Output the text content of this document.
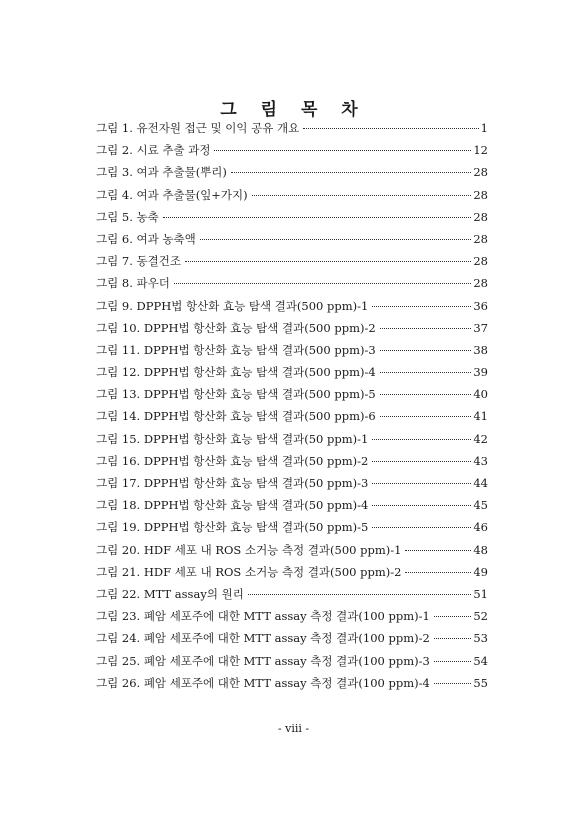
그 림 목 차
그림 1. 유전자원 접근 및 이익 공유 개요	1
그림 2. 시료 추출 과정	12
그림 3. 여과 추출물(뿌리)	28
그림 4. 여과 추출물(잎+가지)	28
그림 5. 농축	28
그림 6. 여과 농축액	28
그림 7. 동결건조	28
그림 8. 파우더	28
그림 9. DPPH법 항산화 효능 탐색 결과(500 ppm)-1	36
그림 10. DPPH법 항산화 효능 탐색 결과(500 ppm)-2	37
그림 11. DPPH법 항산화 효능 탐색 결과(500 ppm)-3	38
그림 12. DPPH법 항산화 효능 탐색 결과(500 ppm)-4	39
그림 13. DPPH법 항산화 효능 탐색 결과(500 ppm)-5	40
그림 14. DPPH법 항산화 효능 탐색 결과(500 ppm)-6	41
그림 15. DPPH법 항산화 효능 탐색 결과(50 ppm)-1	42
그림 16. DPPH법 항산화 효능 탐색 결과(50 ppm)-2	43
그림 17. DPPH법 항산화 효능 탐색 결과(50 ppm)-3	44
그림 18. DPPH법 항산화 효능 탐색 결과(50 ppm)-4	45
그림 19. DPPH법 항산화 효능 탐색 결과(50 ppm)-5	46
그림 20. HDF 세포 내 ROS 소거능 측정 결과(500 ppm)-1	48
그림 21. HDF 세포 내 ROS 소거능 측정 결과(500 ppm)-2	49
그림 22. MTT assay의 원리	51
그림 23. 폐암 세포주에 대한 MTT assay 측정 결과(100 ppm)-1	52
그림 24. 폐암 세포주에 대한 MTT assay 측정 결과(100 ppm)-2	53
그림 25. 폐암 세포주에 대한 MTT assay 측정 결과(100 ppm)-3	54
그림 26. 폐암 세포주에 대한 MTT assay 측정 결과(100 ppm)-4	55
- viii -
